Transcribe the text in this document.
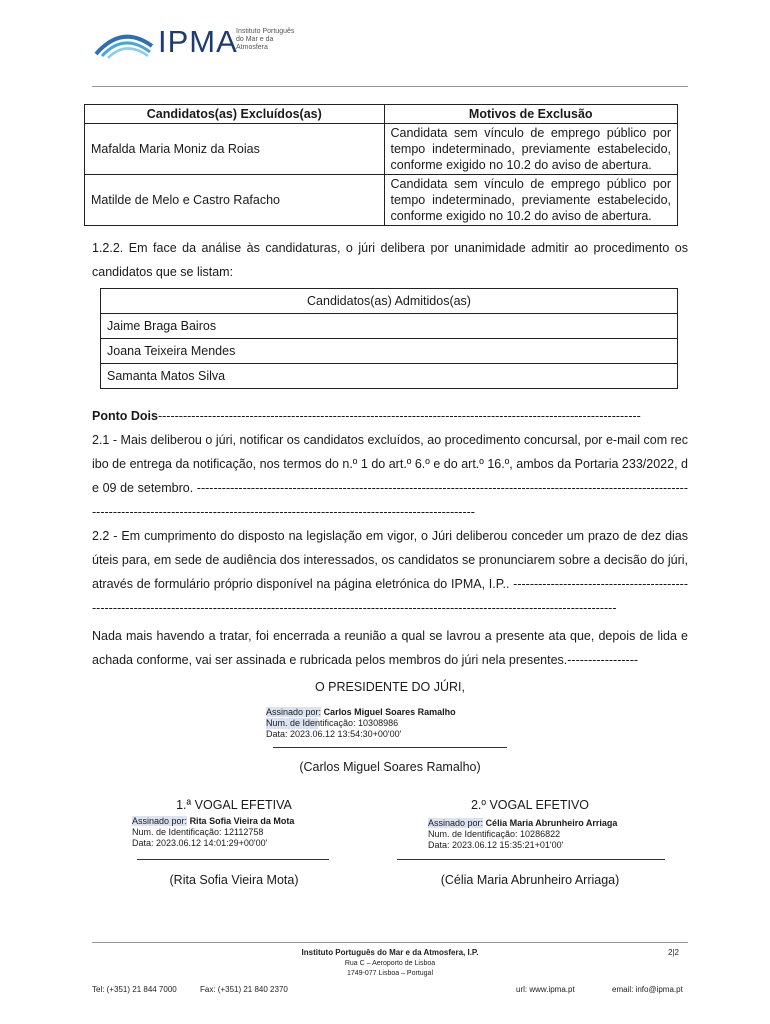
IPMA
Instituto Português do Mar e da Atmosfera
Candidatos(as) Excluídos(as)	Motivos de Exclusão
Mafalda Maria Moniz da Roias	Candidata sem vínculo de emprego público por tempo indeterminado, previamente estabelecido, conforme exigido no 10.2 do aviso de abertura.
Matilde de Melo e Castro Rafacho	Candidata sem vínculo de emprego público por tempo indeterminado, previamente estabelecido, conforme exigido no 10.2 do aviso de abertura.
1.2.2. Em face da análise às candidaturas, o júri delibera por unanimidade admitir ao procedimento os candidatos que se listam:
Candidatos(as) Admitidos(as)
Jaime Braga Bairos
Joana Teixeira Mendes
Samanta Matos Silva
Ponto Dois--------------------------------------------------------------------------------------------------------------------
2.1 - Mais deliberou o júri, notificar os candidatos excluídos, ao procedimento concursal, por e-mail com recibo de entrega da notificação, nos termos do n.º 1 do art.º 6.º e do art.º 16.º, ambos da Portaria 233/2022, de 09 de setembro. ------------------------------------------------------------------------------------------------------------------------------------------------------------------------------------------------------------------
2.2 - Em cumprimento do disposto na legislação em vigor, o Júri deliberou conceder um prazo de dez dias úteis para, em sede de audiência dos interessados, os candidatos se pronunciarem sobre a decisão do júri, através de formulário próprio disponível na página eletrónica do IPMA, I.P.. ------------------------------------------------------------------------------------------------------------------------------------------------------------------------
Nada mais havendo a tratar, foi encerrada a reunião a qual se lavrou a presente ata que, depois de lida e achada conforme, vai ser assinada e rubricada pelos membros do júri nela presentes.-----------------
O PRESIDENTE DO JÚRI,
Assinado por: Carlos Miguel Soares Ramalho
Num. de Identificação: 10308986
Data: 2023.06.12 13:54:30+00'00'
(Carlos Miguel Soares Ramalho)
1.ª VOGAL EFETIVA
Assinado por: Rita Sofia Vieira da Mota
Num. de Identificação: 12112758
Data: 2023.06.12 14:01:29+00'00'
(Rita Sofia Vieira Mota)
2.º VOGAL EFETIVO
Assinado por: Célia Maria Abrunheiro Arriaga
Num. de Identificação: 10286822
Data: 2023.06.12 15:35:21+01'00'
(Célia Maria Abrunheiro Arriaga)
Instituto Português do Mar e da Atmosfera, I.P.
Rua C – Aeroporto de Lisboa
1749-077 Lisboa – Portugal
2|2
Tel: (+351) 21 844 7000	Fax: (+351) 21 840 2370	url: www.ipma.pt	email: info@ipma.pt
